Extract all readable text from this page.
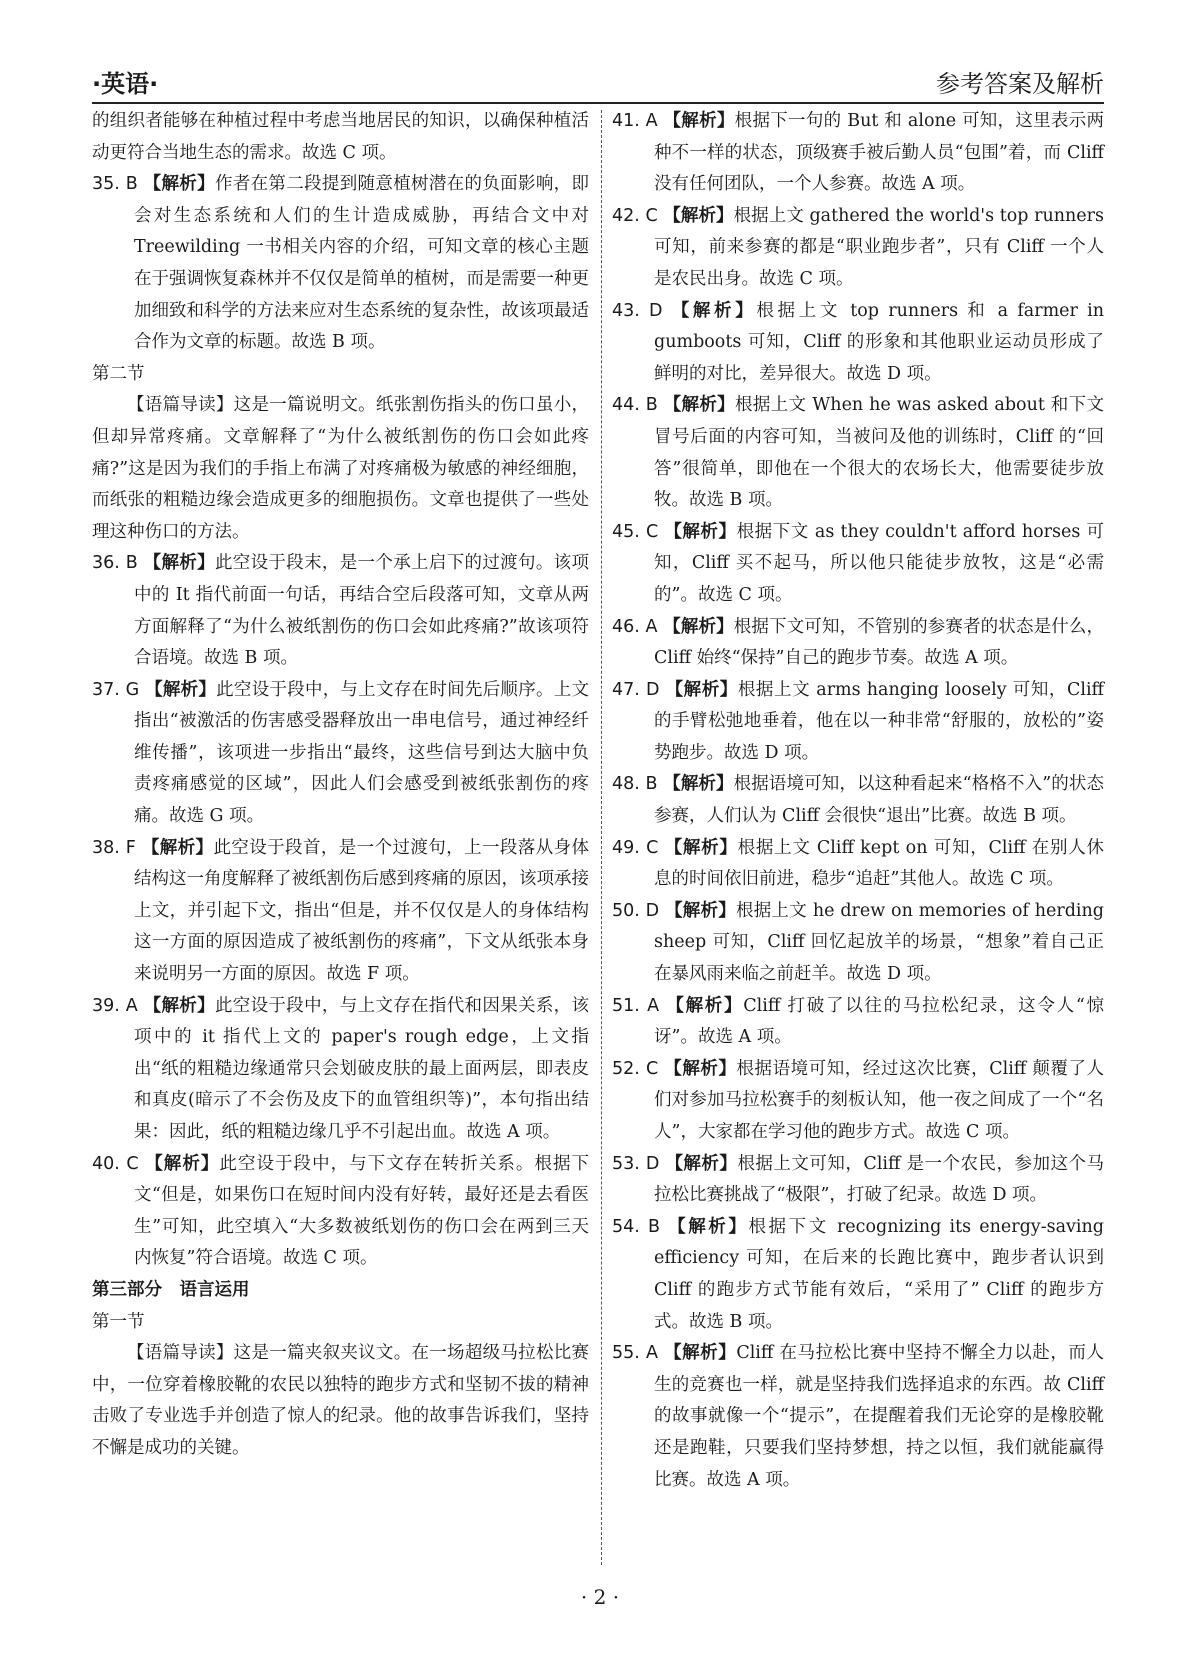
·英语·	参考答案及解析

的组织者能够在种植过程中考虑当地居民的知识，以确保种植活动更符合当地生态的需求。故选 C 项。

35. B 【解析】作者在第二段提到随意植树潜在的负面影响，即会对生态系统和人们的生计造成威胁，再结合文中对 Treewilding 一书相关内容的介绍，可知文章的核心主题在于强调恢复森林并不仅仅是简单的植树，而是需要一种更加细致和科学的方法来应对生态系统的复杂性，故该项最适合作为文章的标题。故选 B 项。

第二节

【语篇导读】这是一篇说明文。纸张割伤指头的伤口虽小，但却异常疼痛。文章解释了“为什么被纸割伤的伤口会如此疼痛?”这是因为我们的手指上布满了对疼痛极为敏感的神经细胞，而纸张的粗糙边缘会造成更多的细胞损伤。文章也提供了一些处理这种伤口的方法。

36. B 【解析】此空设于段末，是一个承上启下的过渡句。该项中的 It 指代前面一句话，再结合空后段落可知，文章从两方面解释了“为什么被纸割伤的伤口会如此疼痛?”故该项符合语境。故选 B 项。

37. G 【解析】此空设于段中，与上文存在时间先后顺序。上文指出“被激活的伤害感受器释放出一串电信号，通过神经纤维传播”，该项进一步指出“最终，这些信号到达大脑中负责疼痛感觉的区域”，因此人们会感受到被纸张割伤的疼痛。故选 G 项。

38. F 【解析】此空设于段首，是一个过渡句，上一段落从身体结构这一角度解释了被纸割伤后感到疼痛的原因，该项承接上文，并引起下文，指出“但是，并不仅仅是人的身体结构这一方面的原因造成了被纸割伤的疼痛”，下文从纸张本身来说明另一方面的原因。故选 F 项。

39. A 【解析】此空设于段中，与上文存在指代和因果关系，该项中的 it 指代上文的 paper's rough edge，上文指出“纸的粗糙边缘通常只会划破皮肤的最上面两层，即表皮和真皮(暗示了不会伤及皮下的血管组织等)”，本句指出结果：因此，纸的粗糙边缘几乎不引起出血。故选 A 项。

40. C 【解析】此空设于段中，与下文存在转折关系。根据下文“但是，如果伤口在短时间内没有好转，最好还是去看医生”可知，此空填入“大多数被纸划伤的伤口会在两到三天内恢复”符合语境。故选 C 项。

第三部分　语言运用

第一节

【语篇导读】这是一篇夹叙夹议文。在一场超级马拉松比赛中，一位穿着橡胶靴的农民以独特的跑步方式和坚韧不拔的精神击败了专业选手并创造了惊人的纪录。他的故事告诉我们，坚持不懈是成功的关键。

41. A 【解析】根据下一句的 But 和 alone 可知，这里表示两种不一样的状态，顶级赛手被后勤人员“包围”着，而 Cliff 没有任何团队，一个人参赛。故选 A 项。

42. C 【解析】根据上文 gathered the world's top runners 可知，前来参赛的都是“职业跑步者”，只有 Cliff 一个人是农民出身。故选 C 项。

43. D 【解析】根据上文 top runners 和 a farmer in gumboots 可知，Cliff 的形象和其他职业运动员形成了鲜明的对比，差异很大。故选 D 项。

44. B 【解析】根据上文 When he was asked about 和下文冒号后面的内容可知，当被问及他的训练时，Cliff 的“回答”很简单，即他在一个很大的农场长大，他需要徒步放牧。故选 B 项。

45. C 【解析】根据下文 as they couldn't afford horses 可知，Cliff 买不起马，所以他只能徒步放牧，这是“必需的”。故选 C 项。

46. A 【解析】根据下文可知，不管别的参赛者的状态是什么，Cliff 始终“保持”自己的跑步节奏。故选 A 项。

47. D 【解析】根据上文 arms hanging loosely 可知，Cliff 的手臂松弛地垂着，他在以一种非常“舒服的，放松的”姿势跑步。故选 D 项。

48. B 【解析】根据语境可知，以这种看起来“格格不入”的状态参赛，人们认为 Cliff 会很快“退出”比赛。故选 B 项。

49. C 【解析】根据上文 Cliff kept on 可知，Cliff 在别人休息的时间依旧前进，稳步“追赶”其他人。故选 C 项。

50. D 【解析】根据上文 he drew on memories of herding sheep 可知，Cliff 回忆起放羊的场景，“想象”着自己正在暴风雨来临之前赶羊。故选 D 项。

51. A 【解析】Cliff 打破了以往的马拉松纪录，这令人“惊讶”。故选 A 项。

52. C 【解析】根据语境可知，经过这次比赛，Cliff 颠覆了人们对参加马拉松赛手的刻板认知，他一夜之间成了一个“名人”，大家都在学习他的跑步方式。故选 C 项。

53. D 【解析】根据上文可知，Cliff 是一个农民，参加这个马拉松比赛挑战了“极限”，打破了纪录。故选 D 项。

54. B 【解析】根据下文 recognizing its energy-saving efficiency 可知，在后来的长跑比赛中，跑步者认识到 Cliff 的跑步方式节能有效后，“采用了” Cliff 的跑步方式。故选 B 项。

55. A 【解析】Cliff 在马拉松比赛中坚持不懈全力以赴，而人生的竞赛也一样，就是坚持我们选择追求的东西。故 Cliff 的故事就像一个“提示”，在提醒着我们无论穿的是橡胶靴还是跑鞋，只要我们坚持梦想，持之以恒，我们就能赢得比赛。故选 A 项。

· 2 ·
